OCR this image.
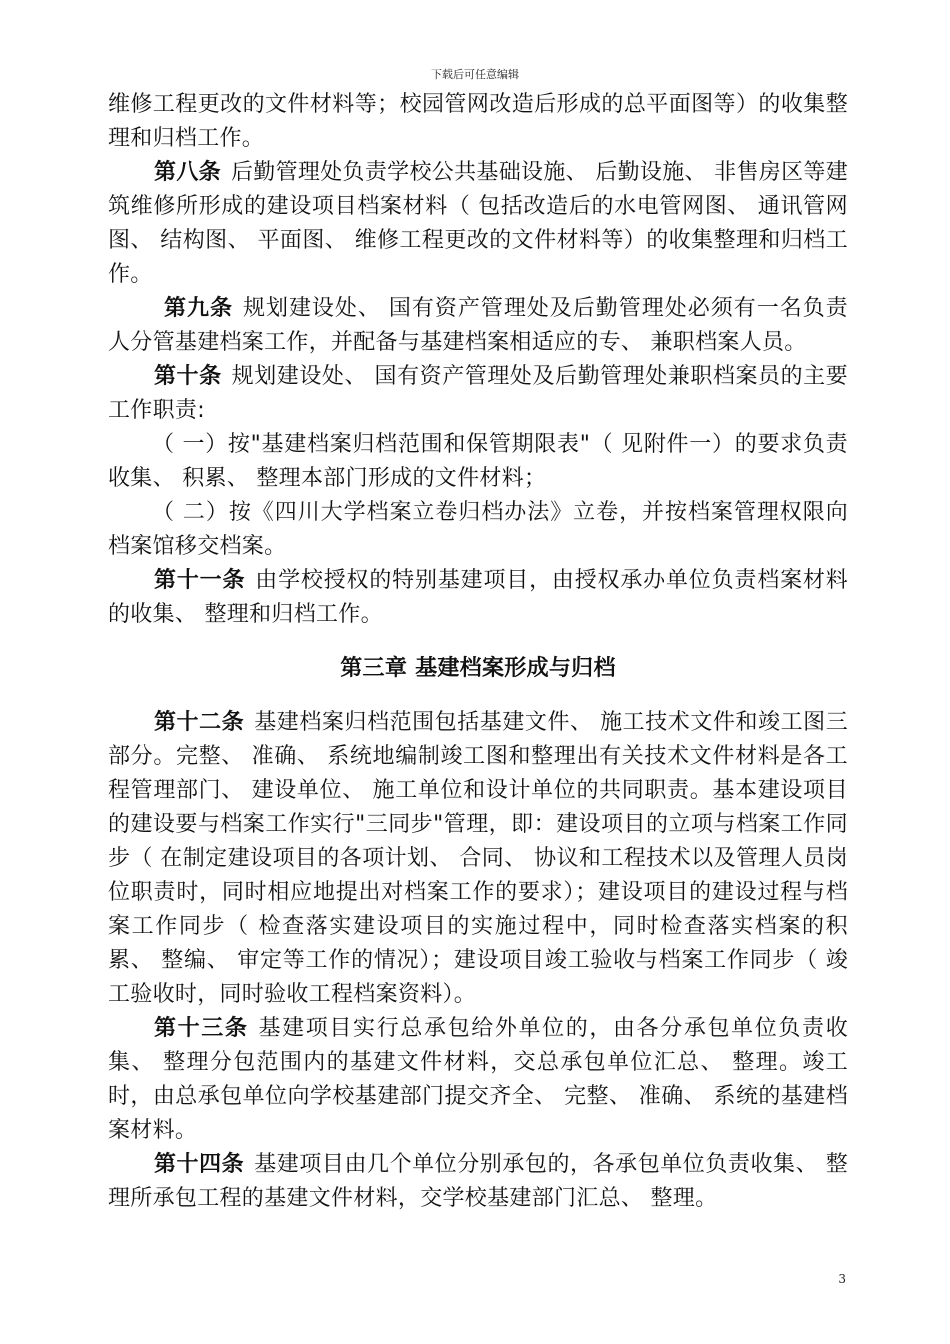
下载后可任意编辑

维修工程更改的文件材料等；校园管网改造后形成的总平面图等）的收集整理和归档工作。

第八条 后勤管理处负责学校公共基础设施、 后勤设施、 非售房区等建筑维修所形成的建设项目档案材料（ 包括改造后的水电管网图、 通讯管网图、 结构图、 平面图、 维修工程更改的文件材料等）的收集整理和归档工作。

第九条 规划建设处、 国有资产管理处及后勤管理处必须有一名负责人分管基建档案工作，并配备与基建档案相适应的专、 兼职档案人员。

第十条 规划建设处、 国有资产管理处及后勤管理处兼职档案员的主要工作职责:

（ 一）按"基建档案归档范围和保管期限表"（ 见附件一）的要求负责收集、 积累、 整理本部门形成的文件材料；

（ 二）按《四川大学档案立卷归档办法》立卷，并按档案管理权限向档案馆移交档案。

第十一条 由学校授权的特别基建项目，由授权承办单位负责档案材料的收集、 整理和归档工作。

第三章 基建档案形成与归档

第十二条 基建档案归档范围包括基建文件、 施工技术文件和竣工图三部分。完整、 准确、 系统地编制竣工图和整理出有关技术文件材料是各工程管理部门、 建设单位、 施工单位和设计单位的共同职责。基本建设项目的建设要与档案工作实行"三同步"管理，即：建设项目的立项与档案工作同步（ 在制定建设项目的各项计划、 合同、 协议和工程技术以及管理人员岗位职责时，同时相应地提出对档案工作的要求）；建设项目的建设过程与档案工作同步（ 检查落实建设项目的实施过程中，同时检查落实档案的积累、 整编、 审定等工作的情况）；建设项目竣工验收与档案工作同步（ 竣工验收时，同时验收工程档案资料）。

第十三条 基建项目实行总承包给外单位的，由各分承包单位负责收集、 整理分包范围内的基建文件材料，交总承包单位汇总、 整理。竣工时，由总承包单位向学校基建部门提交齐全、 完整、 准确、 系统的基建档案材料。

第十四条 基建项目由几个单位分别承包的，各承包单位负责收集、 整理所承包工程的基建文件材料，交学校基建部门汇总、 整理。

3
